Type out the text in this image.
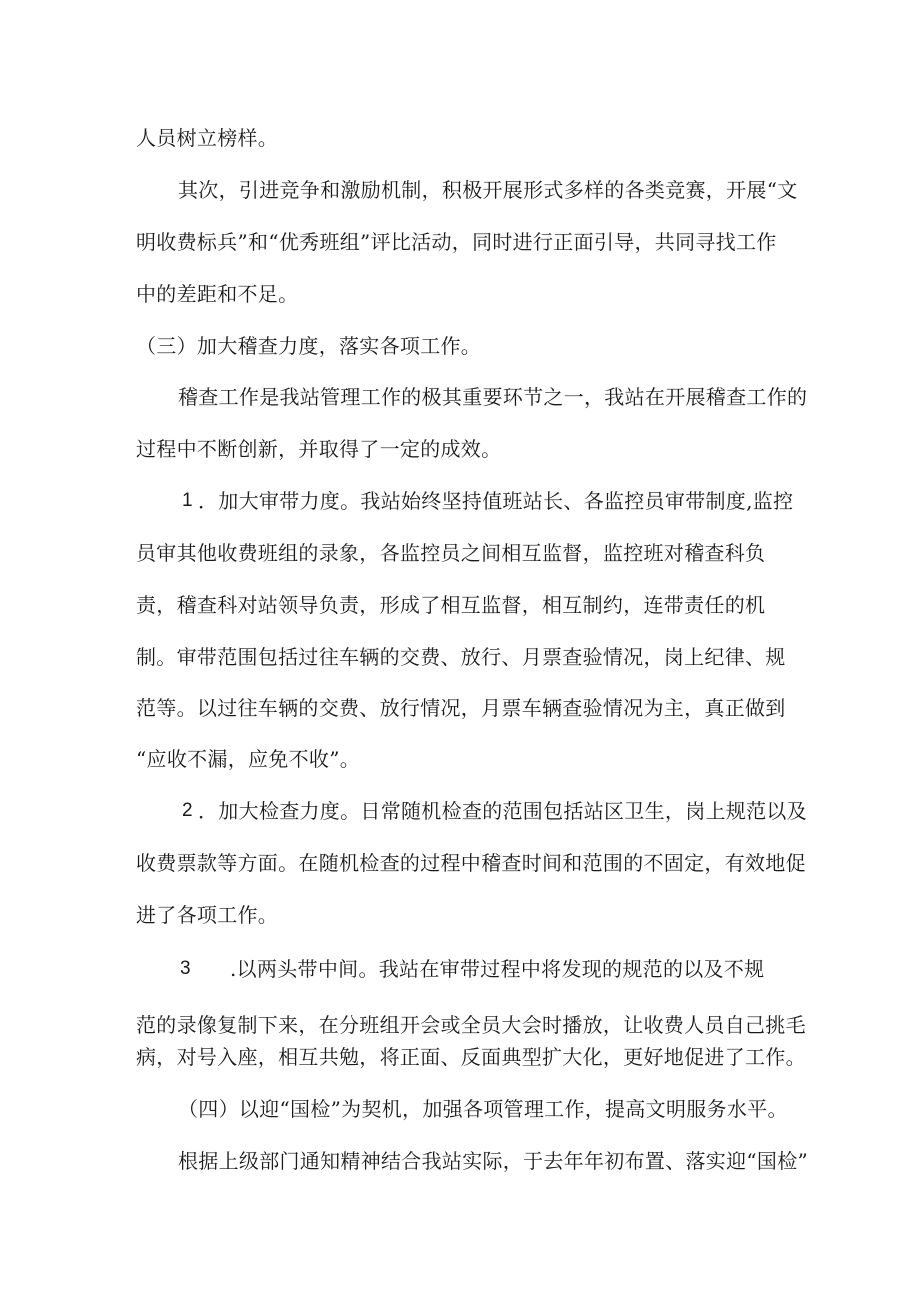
人员树立榜样。
其次，引进竞争和激励机制，积极开展形式多样的各类竞赛，开展“文
明收费标兵”和“优秀班组”评比活动，同时进行正面引导，共同寻找工作
中的差距和不足。
（三）加大稽查力度，落实各项工作。
稽查工作是我站管理工作的极其重要环节之一，我站在开展稽查工作的
过程中不断创新，并取得了一定的成效。
1 ．加大审带力度。我站始终坚持值班站长、各监控员审带制度,监控
员审其他收费班组的录象，各监控员之间相互监督，监控班对稽查科负
责，稽查科对站领导负责，形成了相互监督，相互制约，连带责任的机
制。审带范围包括过往车辆的交费、放行、月票查验情况，岗上纪律、规
范等。以过往车辆的交费、放行情况，月票车辆查验情况为主，真正做到
“应收不漏，应免不收”。
2 ．加大检查力度。日常随机检查的范围包括站区卫生，岗上规范以及
收费票款等方面。在随机检查的过程中稽查时间和范围的不固定，有效地促
进了各项工作。
3 .以两头带中间。我站在审带过程中将发现的规范的以及不规
范的录像复制下来，在分班组开会或全员大会时播放，让收费人员自己挑毛
病，对号入座，相互共勉，将正面、反面典型扩大化，更好地促进了工作。
（四）以迎“国检”为契机，加强各项管理工作，提高文明服务水平。
根据上级部门通知精神结合我站实际，于去年年初布置、落实迎“国检”
